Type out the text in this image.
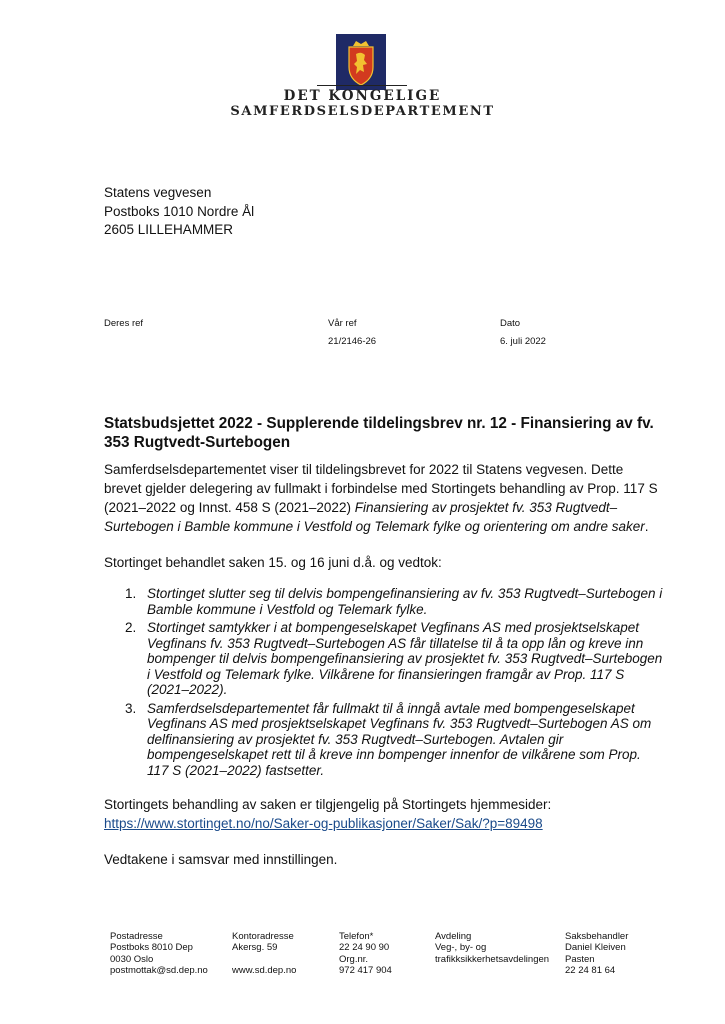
DET KONGELIGE
SAMFERDSELSDEPARTEMENT
Statens vegvesen
Postboks 1010 Nordre Ål
2605 LILLEHAMMER
Deres ref	Vår ref
21/2146-26
Dato
6. juli 2022
Statsbudsjettet 2022 - Supplerende tildelingsbrev nr. 12 - Finansiering av fv. 353 Rugtvedt-Surtebogen

Samferdselsdepartementet viser til tildelingsbrevet for 2022 til Statens vegvesen. Dette brevet gjelder delegering av fullmakt i forbindelse med Stortingets behandling av Prop. 117 S (2021–2022 og Innst. 458 S (2021–2022) Finansiering av prosjektet fv. 353 Rugtvedt–Surtebogen i Bamble kommune i Vestfold og Telemark fylke og orientering om andre saker.

Stortinget behandlet saken 15. og 16 juni d.å. og vedtok:

1. Stortinget slutter seg til delvis bompengefinansiering av fv. 353 Rugtvedt–Surtebogen i Bamble kommune i Vestfold og Telemark fylke.
2. Stortinget samtykker i at bompengeselskapet Vegfinans AS med prosjektselskapet Vegfinans fv. 353 Rugtvedt–Surtebogen AS får tillatelse til å ta opp lån og kreve inn bompenger til delvis bompengefinansiering av prosjektet fv. 353 Rugtvedt–Surtebogen i Vestfold og Telemark fylke. Vilkårene for finansieringen framgår av Prop. 117 S (2021–2022).
3. Samferdselsdepartementet får fullmakt til å inngå avtale med bompengeselskapet Vegfinans AS med prosjektselskapet Vegfinans fv. 353 Rugtvedt–Surtebogen AS om delfinansiering av prosjektet fv. 353 Rugtvedt–Surtebogen. Avtalen gir bompengeselskapet rett til å kreve inn bompenger innenfor de vilkårene som Prop. 117 S (2021–2022) fastsetter.

Stortingets behandling av saken er tilgjengelig på Stortingets hjemmesider:

https://www.stortinget.no/no/Saker-og-publikasjoner/Saker/Sak/?p=89498

Vedtakene i samsvar med innstillingen.

Postadresse
Postboks 8010 Dep
0030 Oslo
postmottak@sd.dep.no
Kontoradresse
Akersg. 59

www.sd.dep.no
Telefon*
22 24 90 90
Org.nr.
972 417 904
Avdeling
Veg-, by- og
trafikksikkerhetsavdelingen
Saksbehandler
Daniel Kleiven
Pasten
22 24 81 64
